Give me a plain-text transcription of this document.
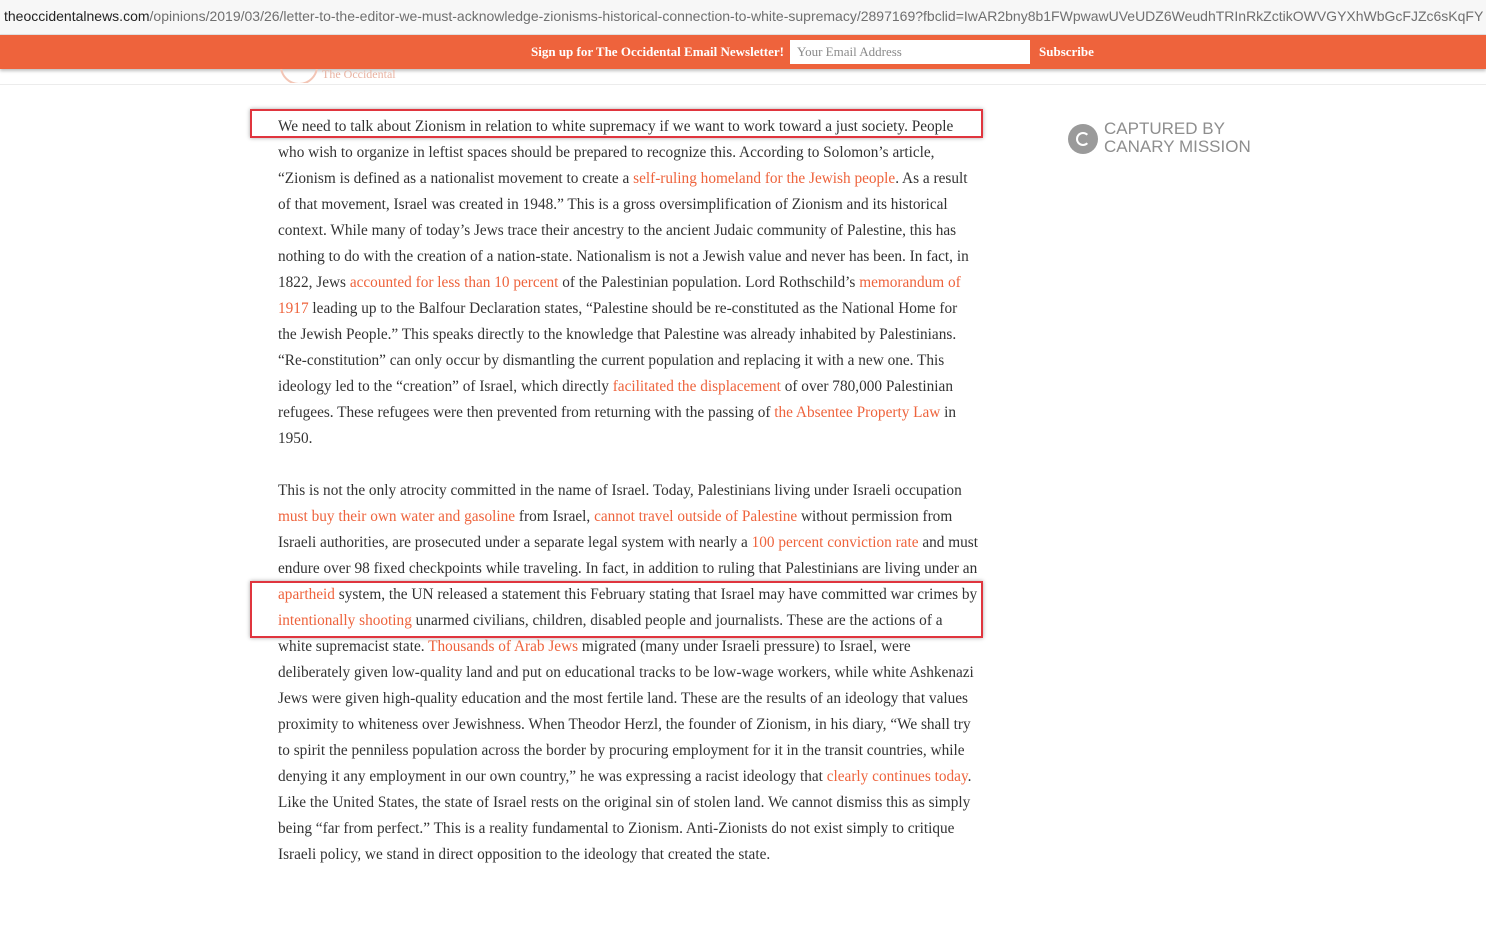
theoccidentalnews.com/opinions/2019/03/26/letter-to-the-editor-we-must-acknowledge-zionisms-historical-connection-to-white-supremacy/2897169?fbclid=IwAR2bny8b1FWpwawUVeUDZ6WeudhTRInRkZctikOWVGYXhWbGcFJZc6sKqFY
Sign up for The Occidental Email Newsletter!
Your Email Address	Subscribe
The Occidental
CAPTURED BY
CANARY MISSION

We need to talk about Zionism in relation to white supremacy if we want to work toward a just society. People who wish to organize in leftist spaces should be prepared to recognize this. According to Solomon’s article, “Zionism is defined as a nationalist movement to create a self-ruling homeland for the Jewish people. As a result of that movement, Israel was created in 1948.” This is a gross oversimplification of Zionism and its historical context. While many of today’s Jews trace their ancestry to the ancient Judaic community of Palestine, this has nothing to do with the creation of a nation-state. Nationalism is not a Jewish value and never has been. In fact, in 1822, Jews accounted for less than 10 percent of the Palestinian population. Lord Rothschild’s memorandum of 1917 leading up to the Balfour Declaration states, “Palestine should be re-constituted as the National Home for the Jewish People.” This speaks directly to the knowledge that Palestine was already inhabited by Palestinians. “Re-constitution” can only occur by dismantling the current population and replacing it with a new one. This ideology led to the “creation” of Israel, which directly facilitated the displacement of over 780,000 Palestinian refugees. These refugees were then prevented from returning with the passing of the Absentee Property Law in 1950.

This is not the only atrocity committed in the name of Israel. Today, Palestinians living under Israeli occupation must buy their own water and gasoline from Israel, cannot travel outside of Palestine without permission from Israeli authorities, are prosecuted under a separate legal system with nearly a 100 percent conviction rate and must endure over 98 fixed checkpoints while traveling. In fact, in addition to ruling that Palestinians are living under an apartheid system, the UN released a statement this February stating that Israel may have committed war crimes by intentionally shooting unarmed civilians, children, disabled people and journalists. These are the actions of a white supremacist state. Thousands of Arab Jews migrated (many under Israeli pressure) to Israel, were deliberately given low-quality land and put on educational tracks to be low-wage workers, while white Ashkenazi Jews were given high-quality education and the most fertile land. These are the results of an ideology that values proximity to whiteness over Jewishness. When Theodor Herzl, the founder of Zionism, in his diary, “We shall try to spirit the penniless population across the border by procuring employment for it in the transit countries, while denying it any employment in our own country,” he was expressing a racist ideology that clearly continues today. Like the United States, the state of Israel rests on the original sin of stolen land. We cannot dismiss this as simply being “far from perfect.” This is a reality fundamental to Zionism. Anti-Zionists do not exist simply to critique Israeli policy, we stand in direct opposition to the ideology that created the state.
